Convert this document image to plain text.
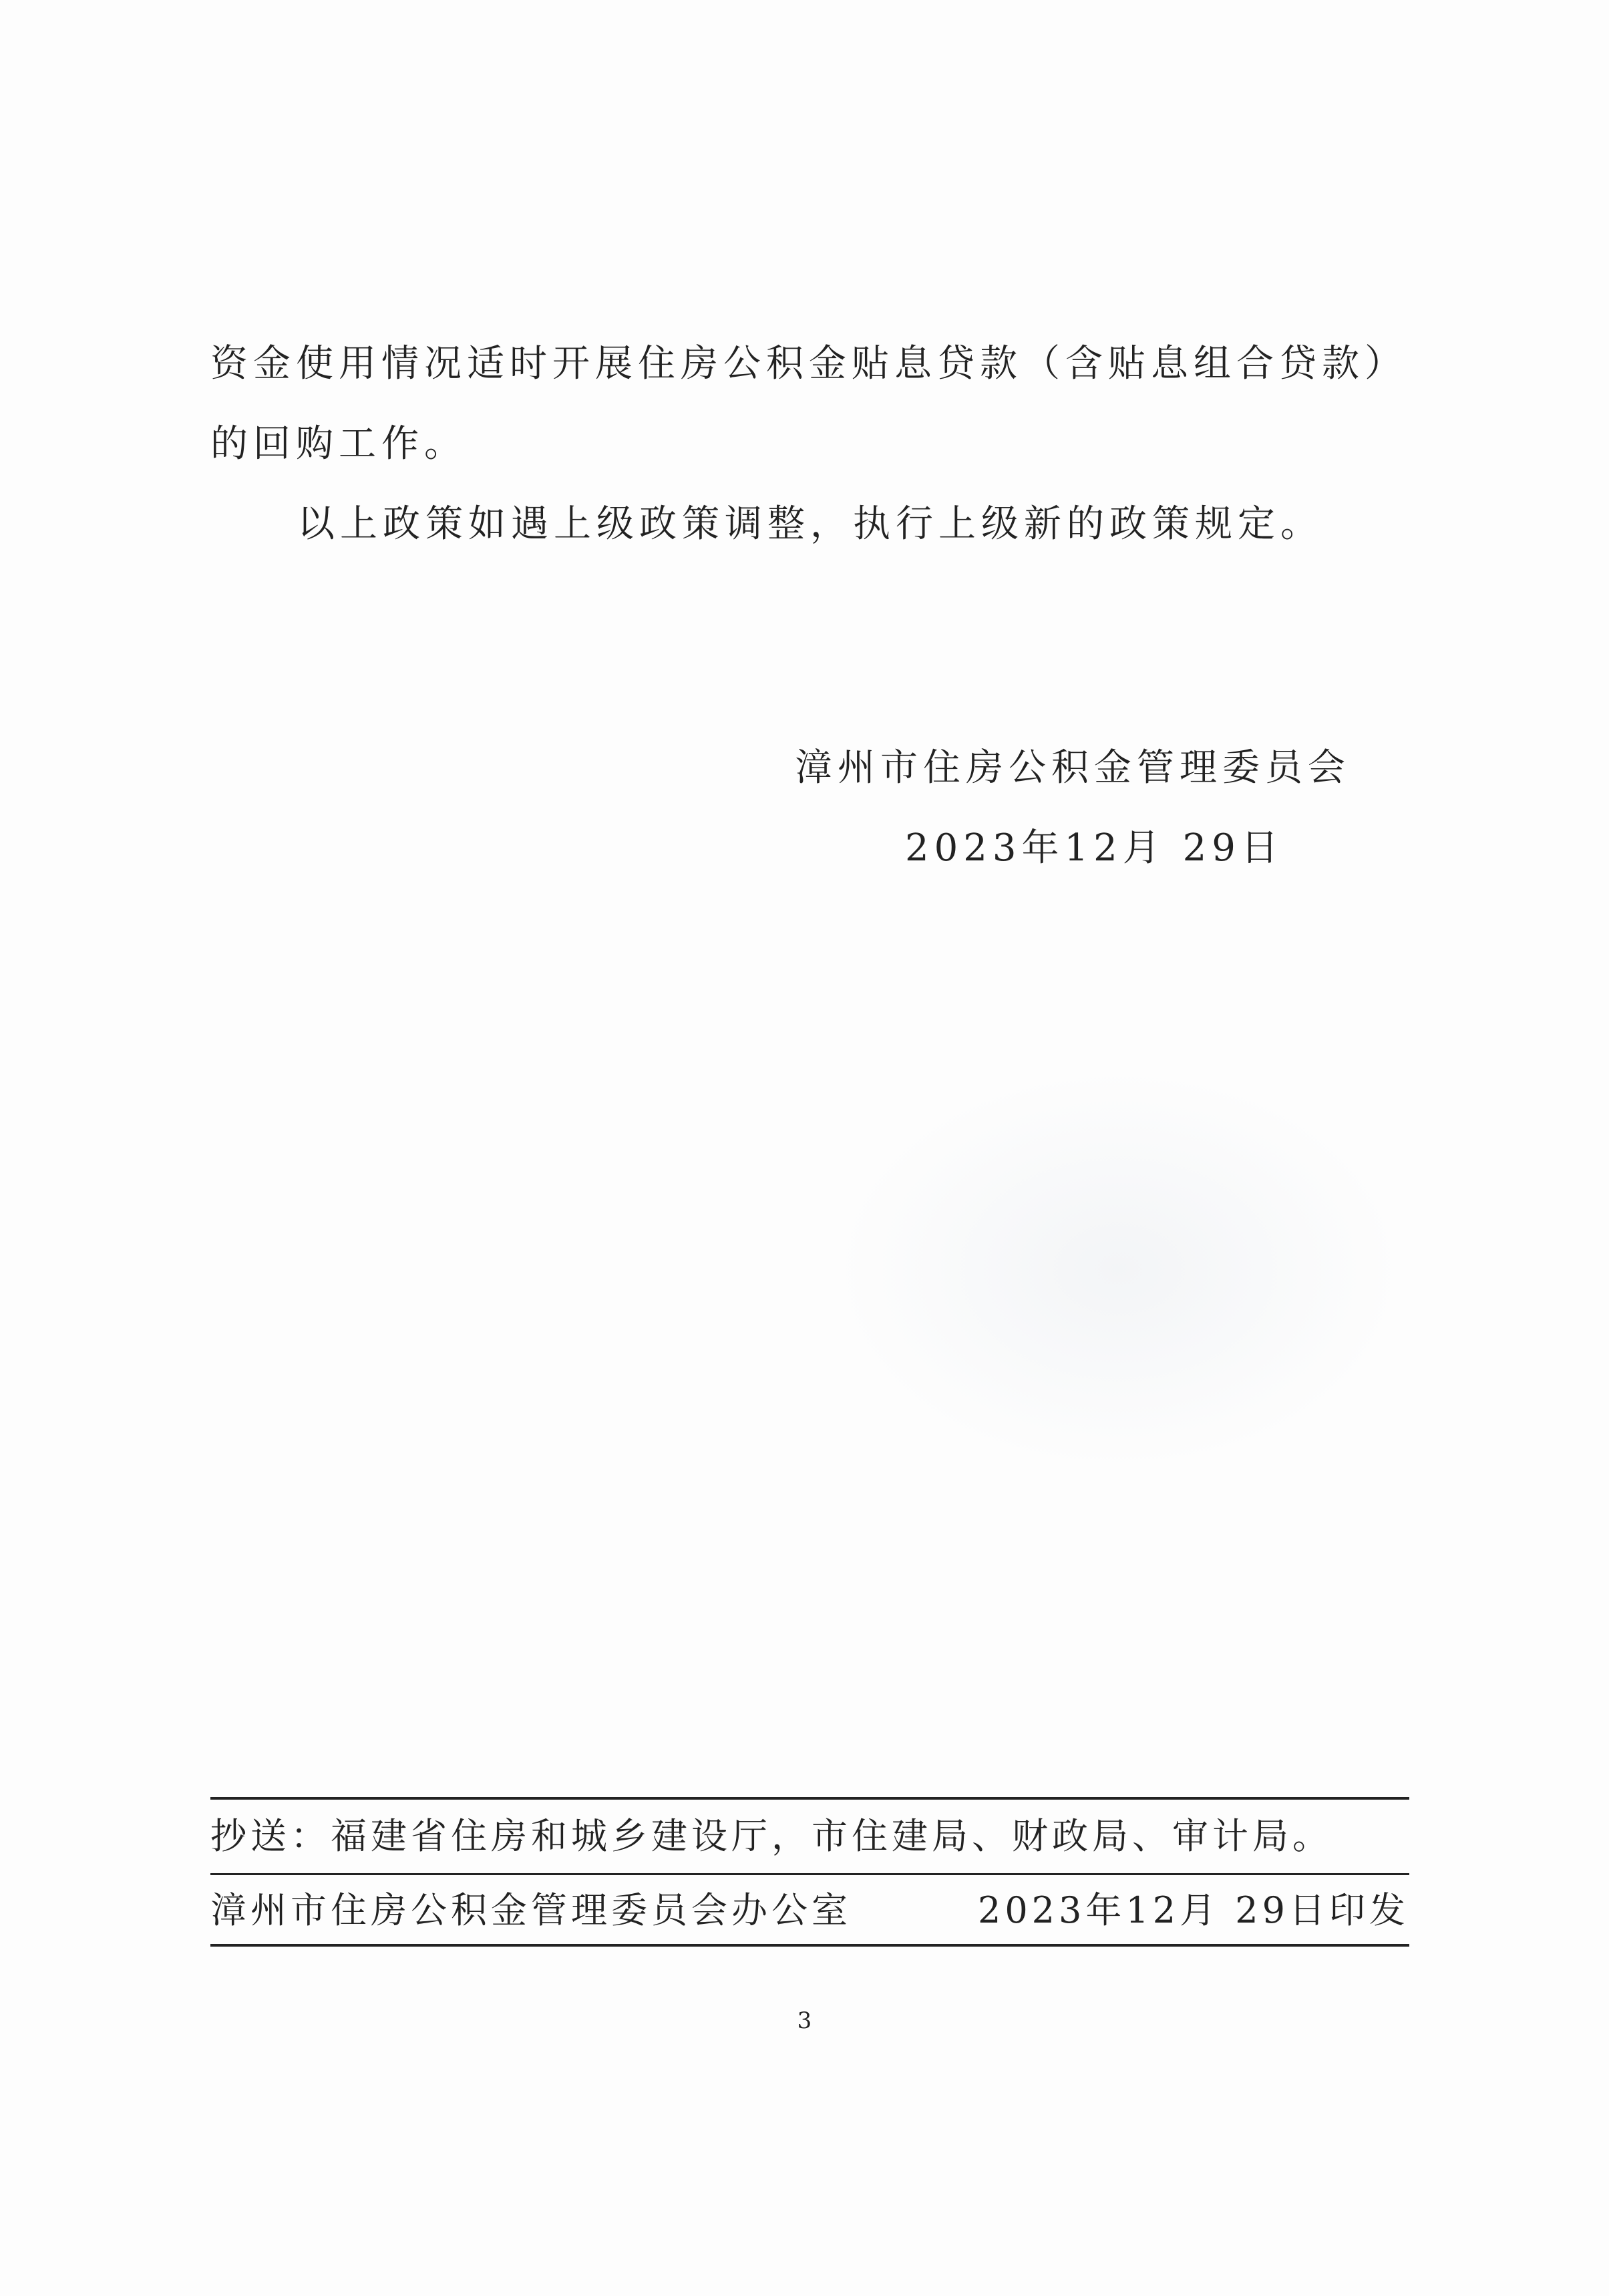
资金使用情况适时开展住房公积金贴息贷款（含贴息组合贷款）
的回购工作。
以上政策如遇上级政策调整，执行上级新的政策规定。
漳州市住房公积金管理委员会
2023年12月 29日
抄送：福建省住房和城乡建设厅，市住建局、财政局、审计局。
漳州市住房公积金管理委员会办公室	2023年12月 29日印发
3
